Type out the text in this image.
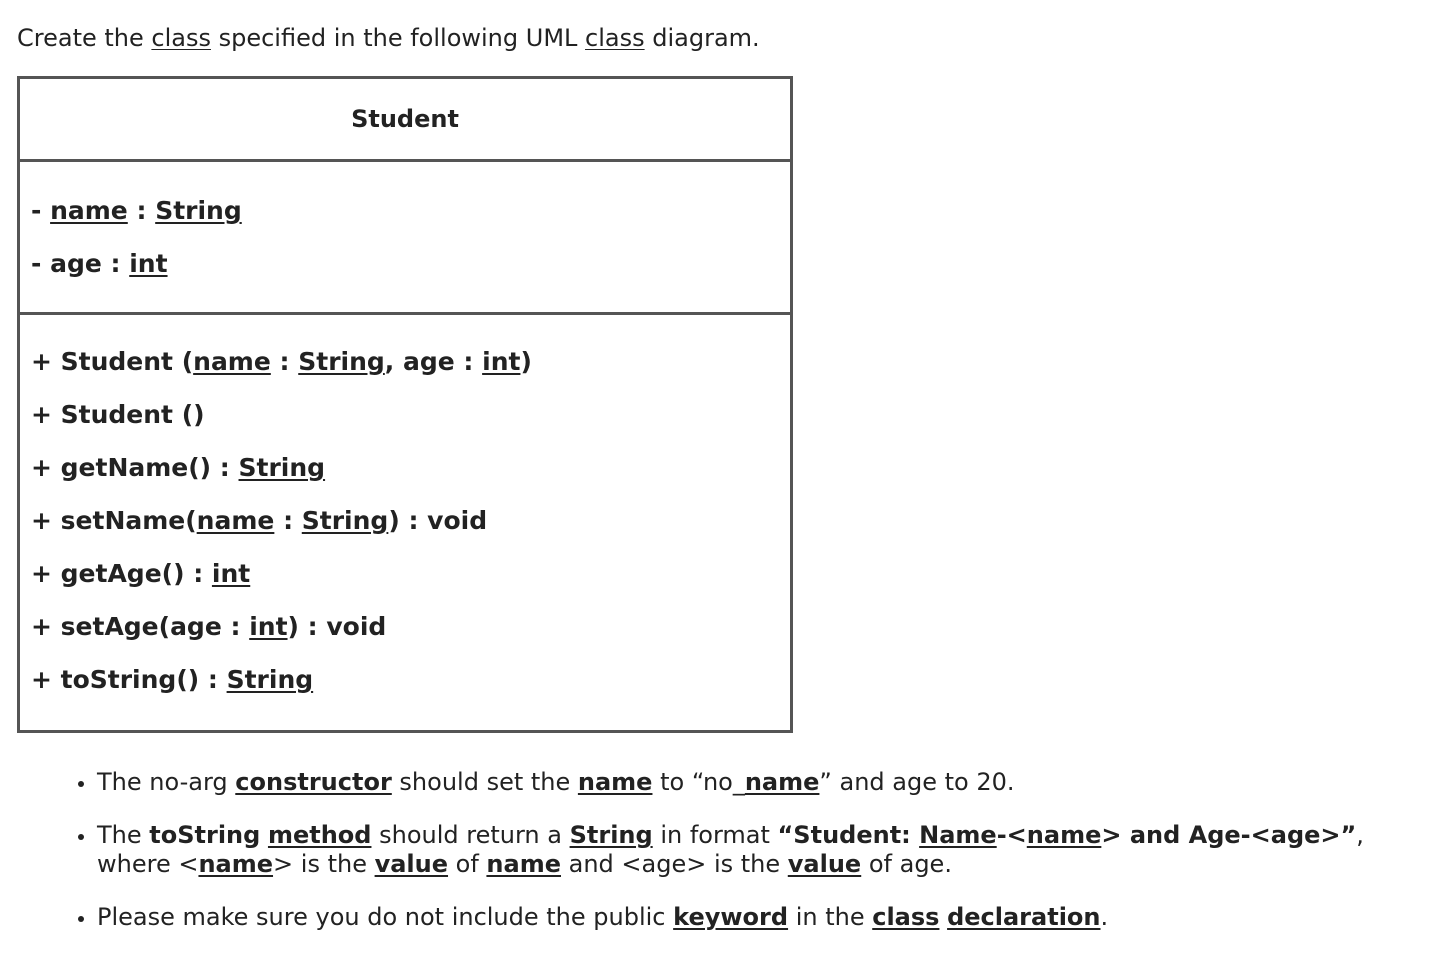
Create the class specified in the following UML class diagram.
Student
- name : String
- age : int
+ Student (name : String, age : int)
+ Student ()
+ getName() : String
+ setName(name : String) : void
+ getAge() : int
+ setAge(age : int) : void
+ toString() : String
• The no-arg constructor should set the name to “no_name” and age to 20.
• The toString method should return a String in format “Student: Name-<name> and Age-<age>”, where <name> is the value of name and <age> is the value of age.
• Please make sure you do not include the public keyword in the class declaration.
